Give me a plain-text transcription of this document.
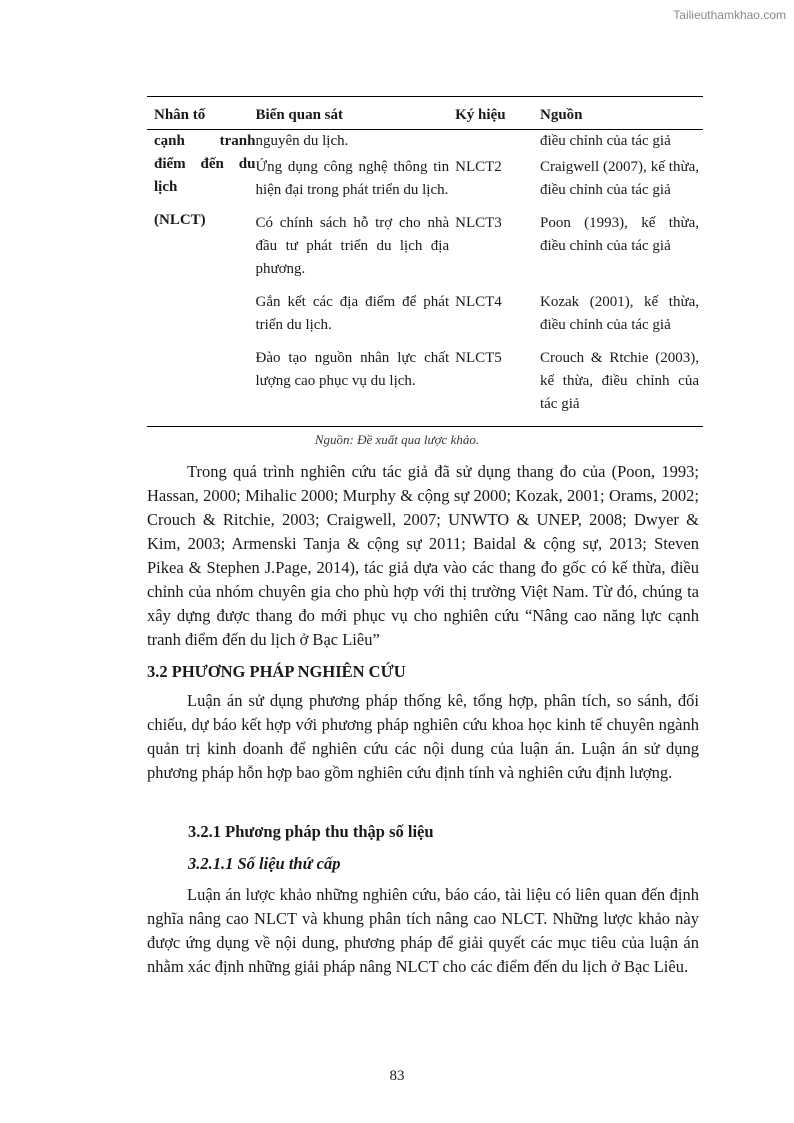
Tailieuthamkhao.com
Nhân tố	Biến quan sát	Ký hiệu	Nguồn
cạnh tranh điểm đến du lịch
(NLCT)	nguyên du lịch.		điều chỉnh của tác giả
	Ứng dụng công nghệ thông tin hiện đại trong phát triển du lịch.	NLCT2	Craigwell (2007), kế thừa, điều chỉnh của tác giả
	Có chính sách hỗ trợ cho nhà đầu tư phát triển du lịch địa phương.	NLCT3	Poon (1993), kế thừa, điều chỉnh của tác giả
	Gắn kết các địa điểm để phát triển du lịch.	NLCT4	Kozak (2001), kế thừa, điều chỉnh của tác giả
	Đào tạo nguồn nhân lực chất lượng cao phục vụ du lịch.	NLCT5	Crouch & Rtchie (2003), kế thừa, điều chỉnh của tác giả
Nguồn: Đề xuất qua lược khảo.

Trong quá trình nghiên cứu tác giả đã sử dụng thang đo của (Poon, 1993; Hassan, 2000; Mihalic 2000; Murphy & cộng sự 2000; Kozak, 2001; Orams, 2002; Crouch & Ritchie, 2003; Craigwell, 2007; UNWTO & UNEP, 2008; Dwyer & Kim, 2003; Armenski Tanja & cộng sự 2011; Baidal & cộng sự, 2013; Steven Pikea & Stephen J.Page, 2014), tác giả dựa vào các thang đo gốc có kế thừa, điều chỉnh của nhóm chuyên gia cho phù hợp với thị trường Việt Nam. Từ đó, chúng ta xây dựng được thang đo mới phục vụ cho nghiên cứu “Nâng cao năng lực cạnh tranh điểm đến du lịch ở Bạc Liêu”

3.2 PHƯƠNG PHÁP NGHIÊN CỨU

Luận án sử dụng phương pháp thống kê, tổng hợp, phân tích, so sánh, đối chiếu, dự báo kết hợp với phương pháp nghiên cứu khoa học kinh tế chuyên ngành quản trị kinh doanh để nghiên cứu các nội dung của luận án. Luận án sử dụng phương pháp hỗn hợp bao gồm nghiên cứu định tính và nghiên cứu định lượng.

3.2.1 Phương pháp thu thập số liệu
3.2.1.1 Số liệu thứ cấp

Luận án lược khảo những nghiên cứu, báo cáo, tài liệu có liên quan đến định nghĩa nâng cao NLCT và khung phân tích nâng cao NLCT. Những lược khảo này được ứng dụng về nội dung, phương pháp để giải quyết các mục tiêu của luận án nhằm xác định những giải pháp nâng NLCT cho các điểm đến du lịch ở Bạc Liêu.

83
